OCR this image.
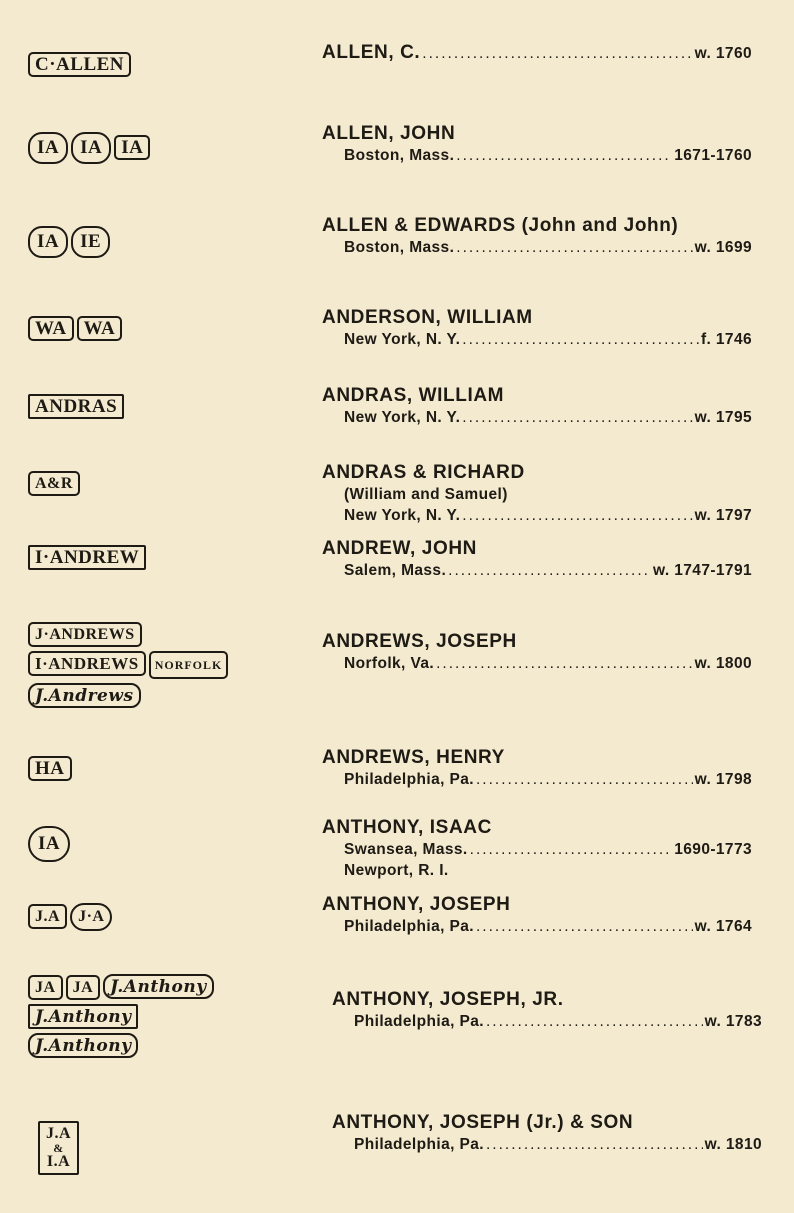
C·ALLEN
ALLEN, C. .....	w. 1760
IA IA IA
ALLEN, JOHN
Boston, Mass. .....	1671-1760
IA IE
ALLEN & EDWARDS (John and John)
Boston, Mass. .....	w. 1699
WA WA
ANDERSON, WILLIAM
New York, N. Y. .....	f. 1746
ANDRAS
ANDRAS, WILLIAM
New York, N. Y. .....	w. 1795
A&R
ANDRAS & RICHARD
(William and Samuel)
New York, N. Y. .....	w. 1797
I·ANDREW	ANDREW, JOHN
Salem, Mass. .....	w. 1747-1791
J·ANDREWS
I·ANDREWS NORFOLK
J.Andrews
ANDREWS, JOSEPH
Norfolk, Va. .....	w. 1800
HA
ANDREWS, HENRY
Philadelphia, Pa. .....	w. 1798
IA
ANTHONY, ISAAC
Swansea, Mass. .....	1690-1773
Newport, R. I.
J.A J·A
ANTHONY, JOSEPH
Philadelphia, Pa. .....	w. 1764
JA JA J.Anthony
J.Anthony
J.Anthony
ANTHONY, JOSEPH, JR.
Philadelphia, Pa. .....	w. 1783
J.A
&
I.A
ANTHONY, JOSEPH (Jr.) & SON
Philadelphia, Pa. .....	w. 1810
